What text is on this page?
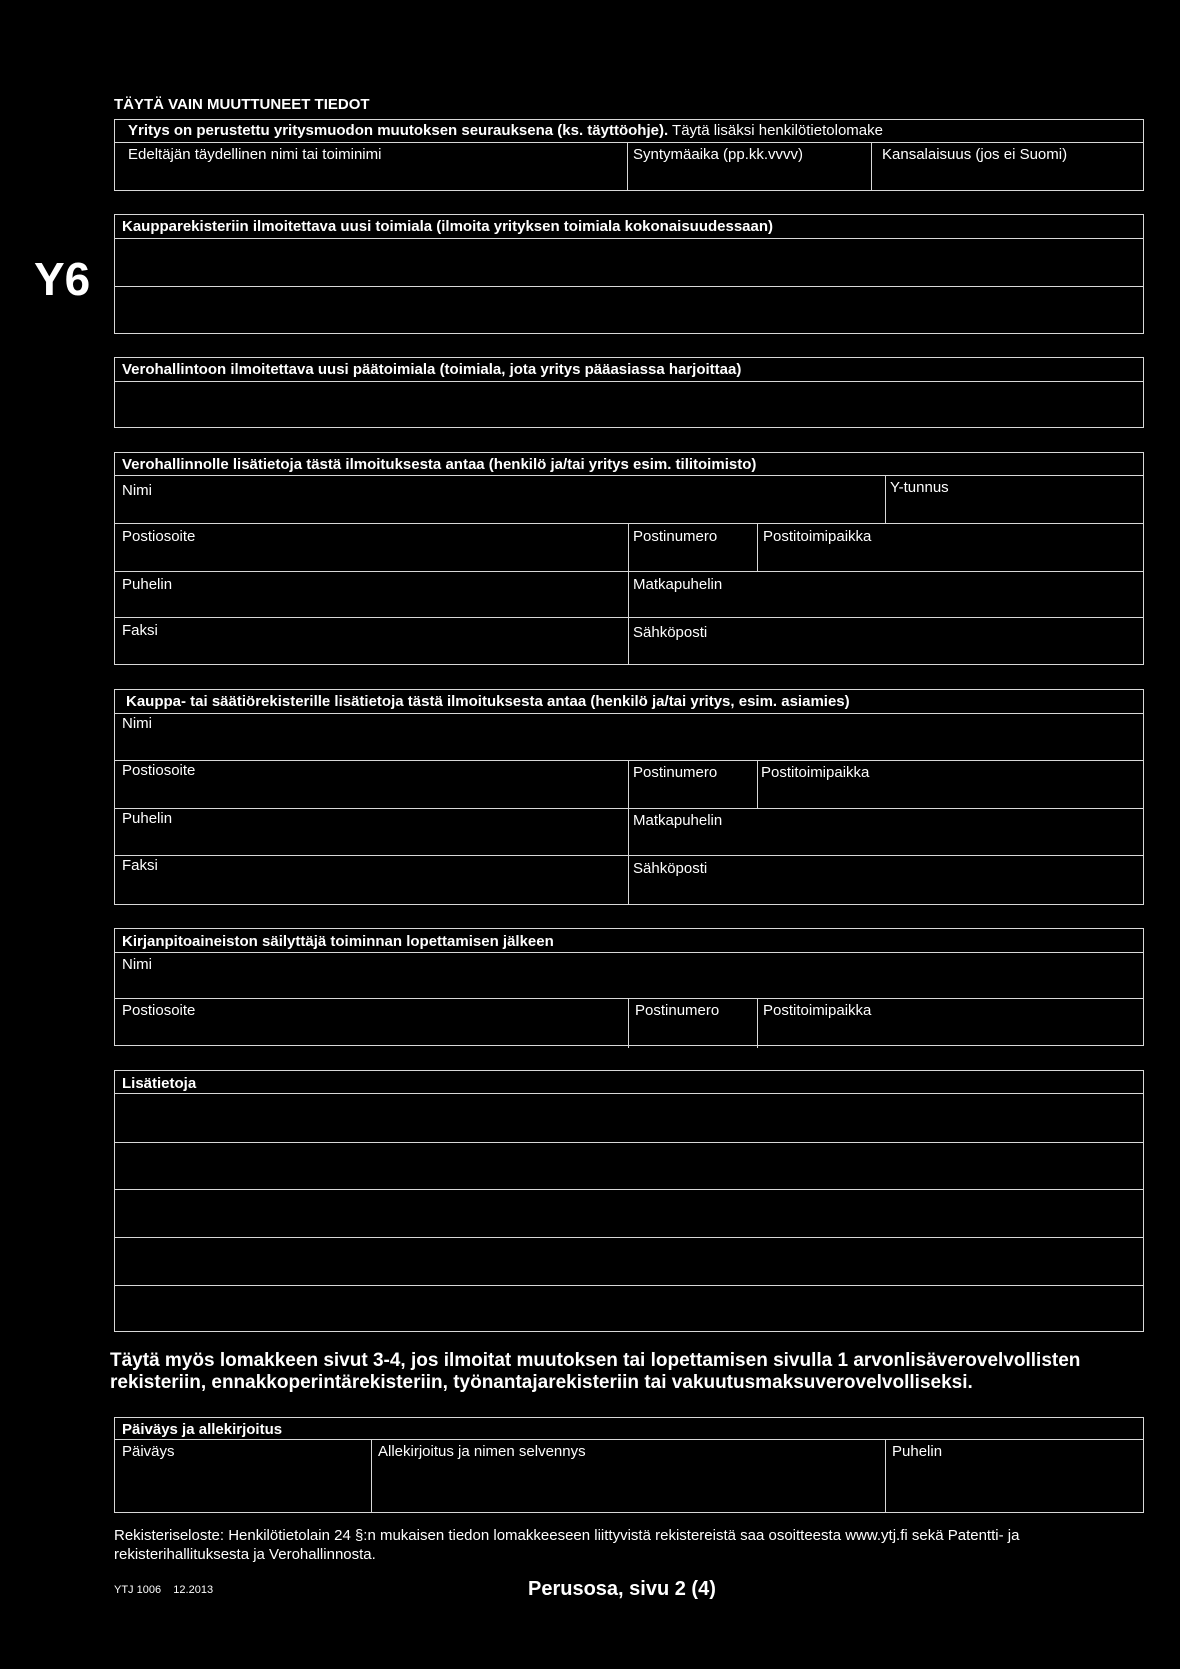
Y6
TÄYTÄ VAIN MUUTTUNEET TIEDOT
Yritys on perustettu yritysmuodon muutoksen seurauksena (ks. täyttöohje). Täytä lisäksi henkilötietolomake
Edeltäjän täydellinen nimi tai toiminimi	Syntymäaika (pp.kk.vvvv)	Kansalaisuus (jos ei Suomi)
Kaupparekisteriin ilmoitettava uusi toimiala (ilmoita yrityksen toimiala kokonaisuudessaan)
Verohallintoon ilmoitettava uusi päätoimiala (toimiala, jota yritys pääasiassa harjoittaa)
Verohallinnolle lisätietoja tästä ilmoituksesta antaa (henkilö ja/tai yritys esim. tilitoimisto)
Nimi	Y-tunnus
Postiosoite	Postinumero	Postitoimipaikka
Puhelin	Matkapuhelin
Faksi	Sähköposti
Kauppa- tai säätiörekisterille lisätietoja tästä ilmoituksesta antaa (henkilö ja/tai yritys, esim. asiamies)
Nimi
Postiosoite	Postinumero	Postitoimipaikka
Puhelin	Matkapuhelin
Faksi	Sähköposti
Kirjanpitoaineiston säilyttäjä toiminnan lopettamisen jälkeen
Nimi
Postiosoite	Postinumero	Postitoimipaikka
Lisätietoja
Täytä myös lomakkeen sivut 3-4, jos ilmoitat muutoksen tai lopettamisen sivulla 1 arvonlisäverovelvollisten rekisteriin, ennakkoperintärekisteriin, työnantajarekisteriin tai vakuutusmaksuverovelvolliseksi.
Päiväys ja allekirjoitus
Päiväys	Allekirjoitus ja nimen selvennys	Puhelin
Rekisteriseloste: Henkilötietolain 24 §:n mukaisen tiedon lomakkeeseen liittyvistä rekistereistä saa osoitteesta www.ytj.fi sekä Patentti- ja rekisterihallituksesta ja Verohallinnosta.
YTJ 1006    12.2013	Perusosa, sivu 2 (4)
